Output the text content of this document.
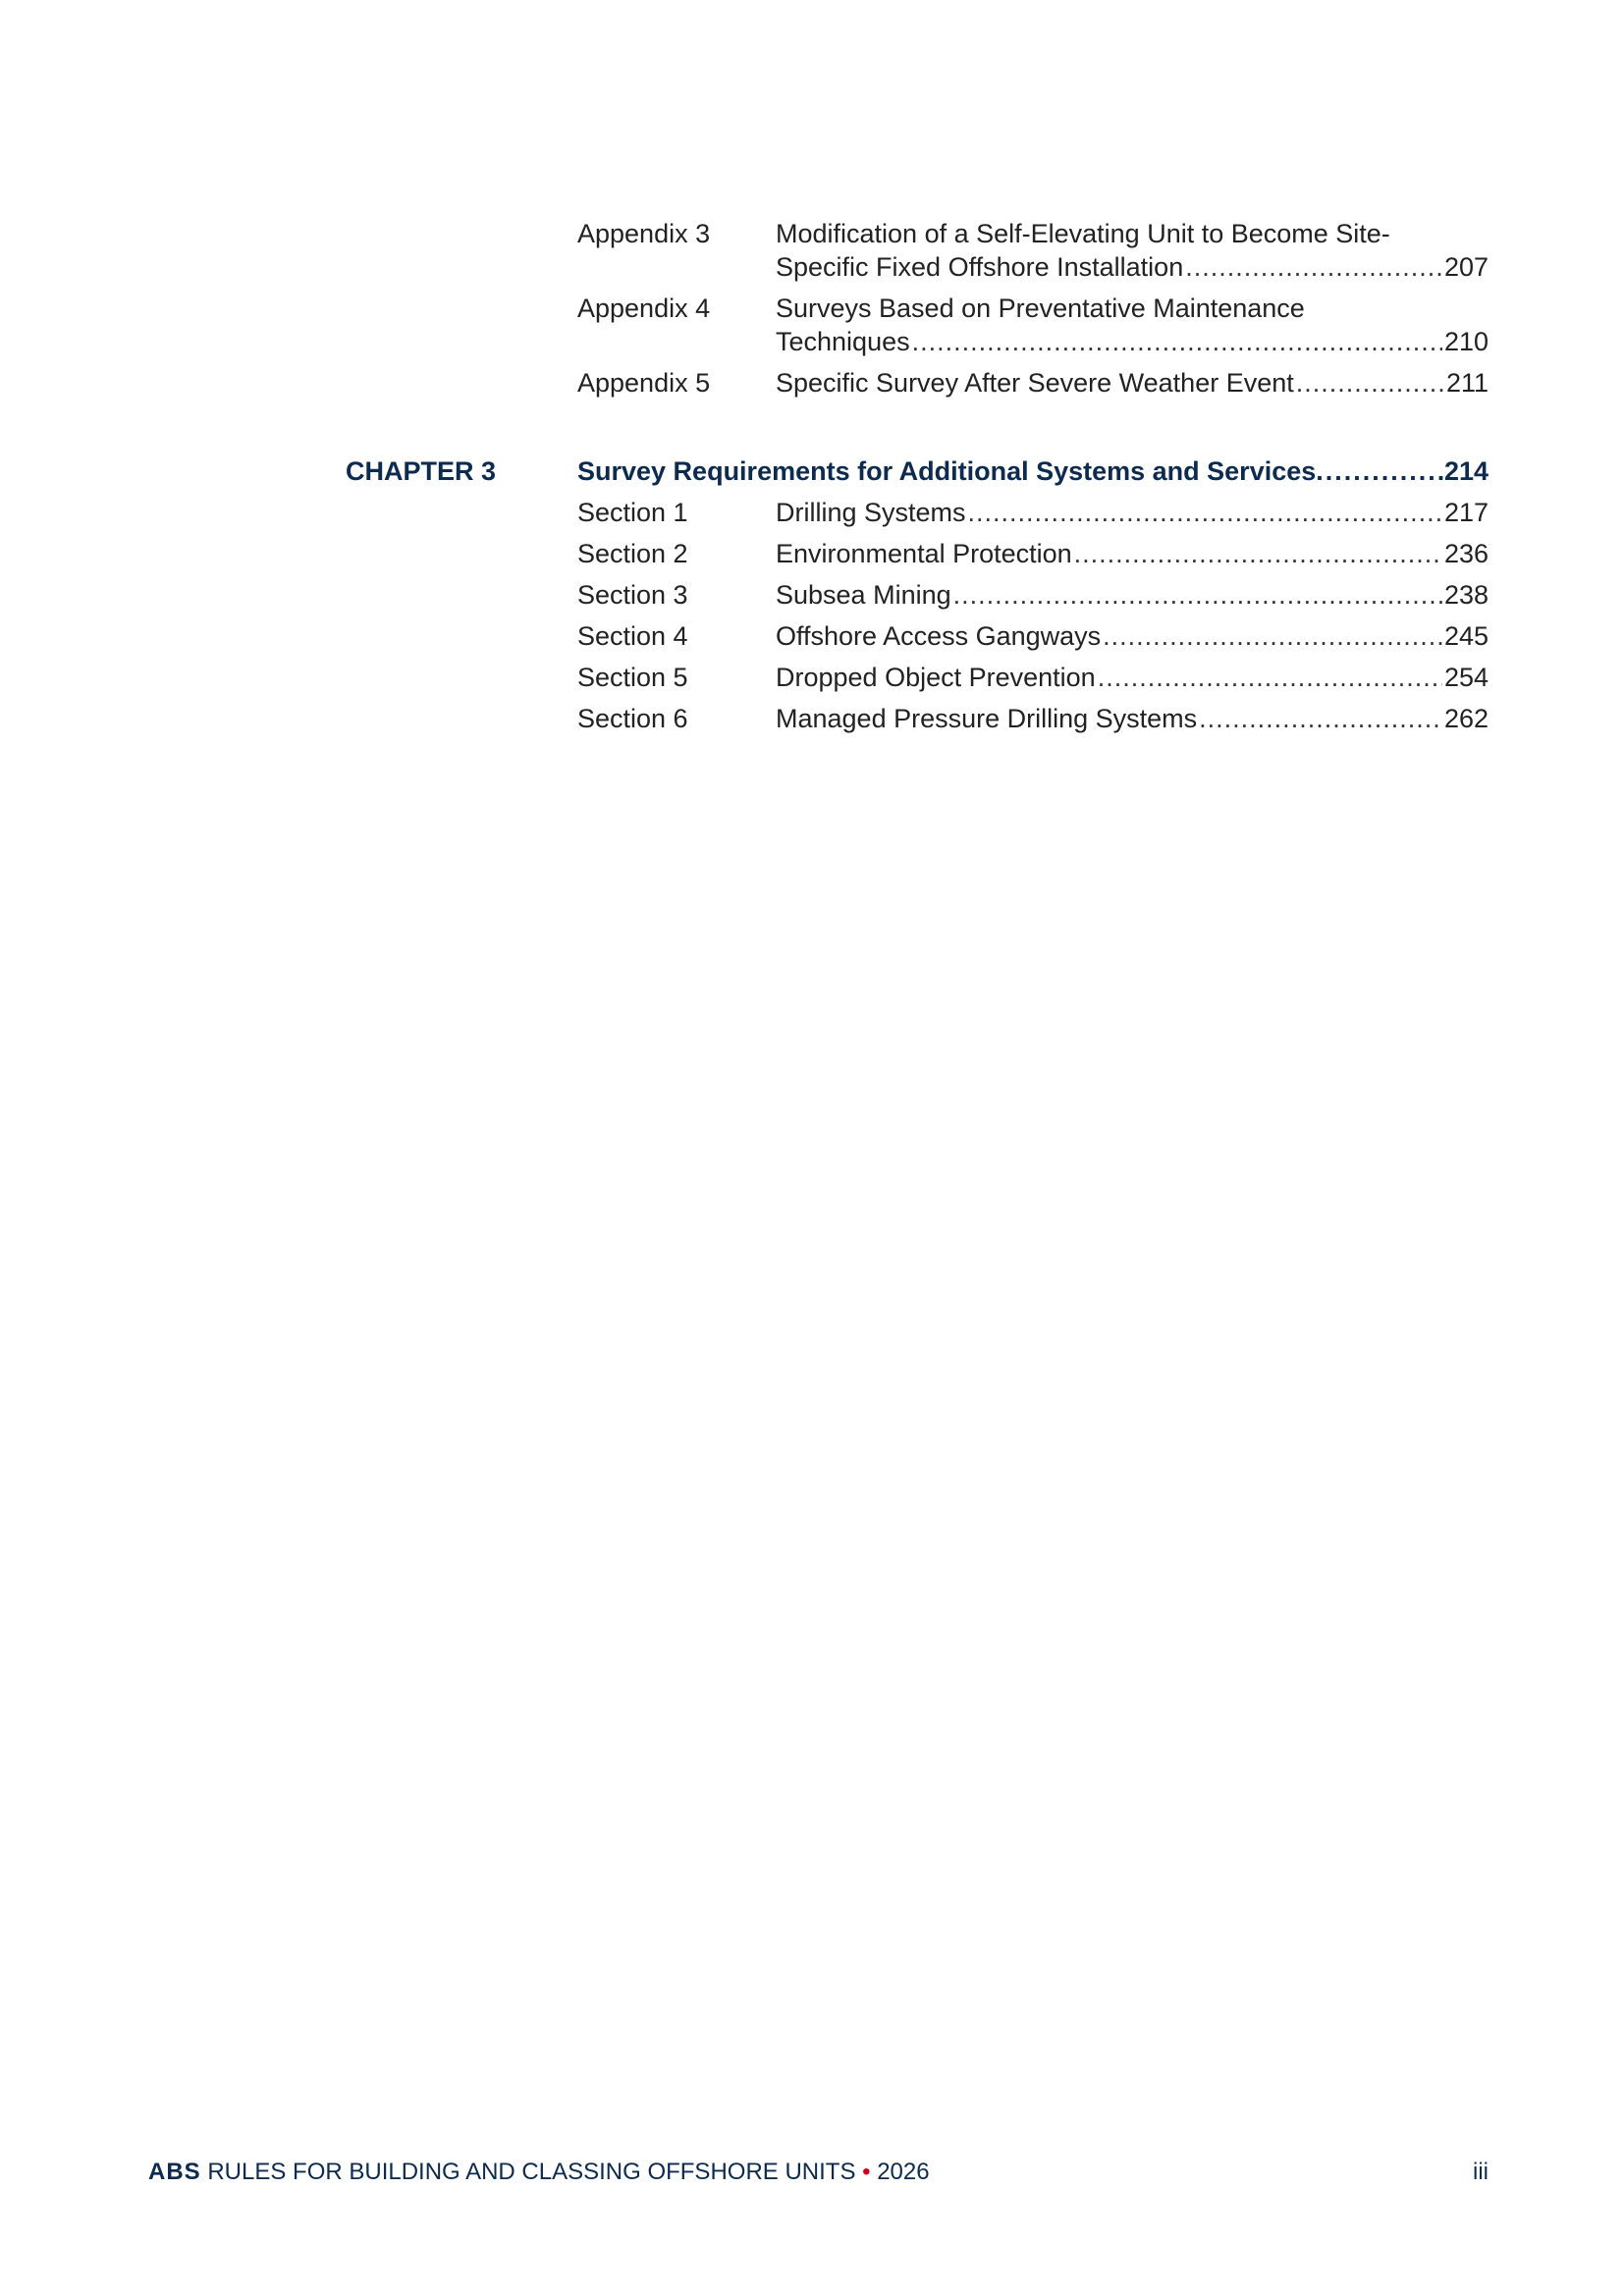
Appendix 3 Modification of a Self-Elevating Unit to Become Site-
Specific Fixed Offshore Installation .....	207
Appendix 4 Surveys Based on Preventative Maintenance
Techniques .....	210
Appendix 5 Specific Survey After Severe Weather Event .....	211
CHAPTER 3	Survey Requirements for Additional Systems and Services .....	214
Section 1	Drilling Systems .....	217
Section 2	Environmental Protection .....	236
Section 3	Subsea Mining .....	238
Section 4	Offshore Access Gangways .....	245
Section 5	Dropped Object Prevention .....	254
Section 6	Managed Pressure Drilling Systems .....	262
ABS RULES FOR BUILDING AND CLASSING OFFSHORE UNITS • 2026	iii
